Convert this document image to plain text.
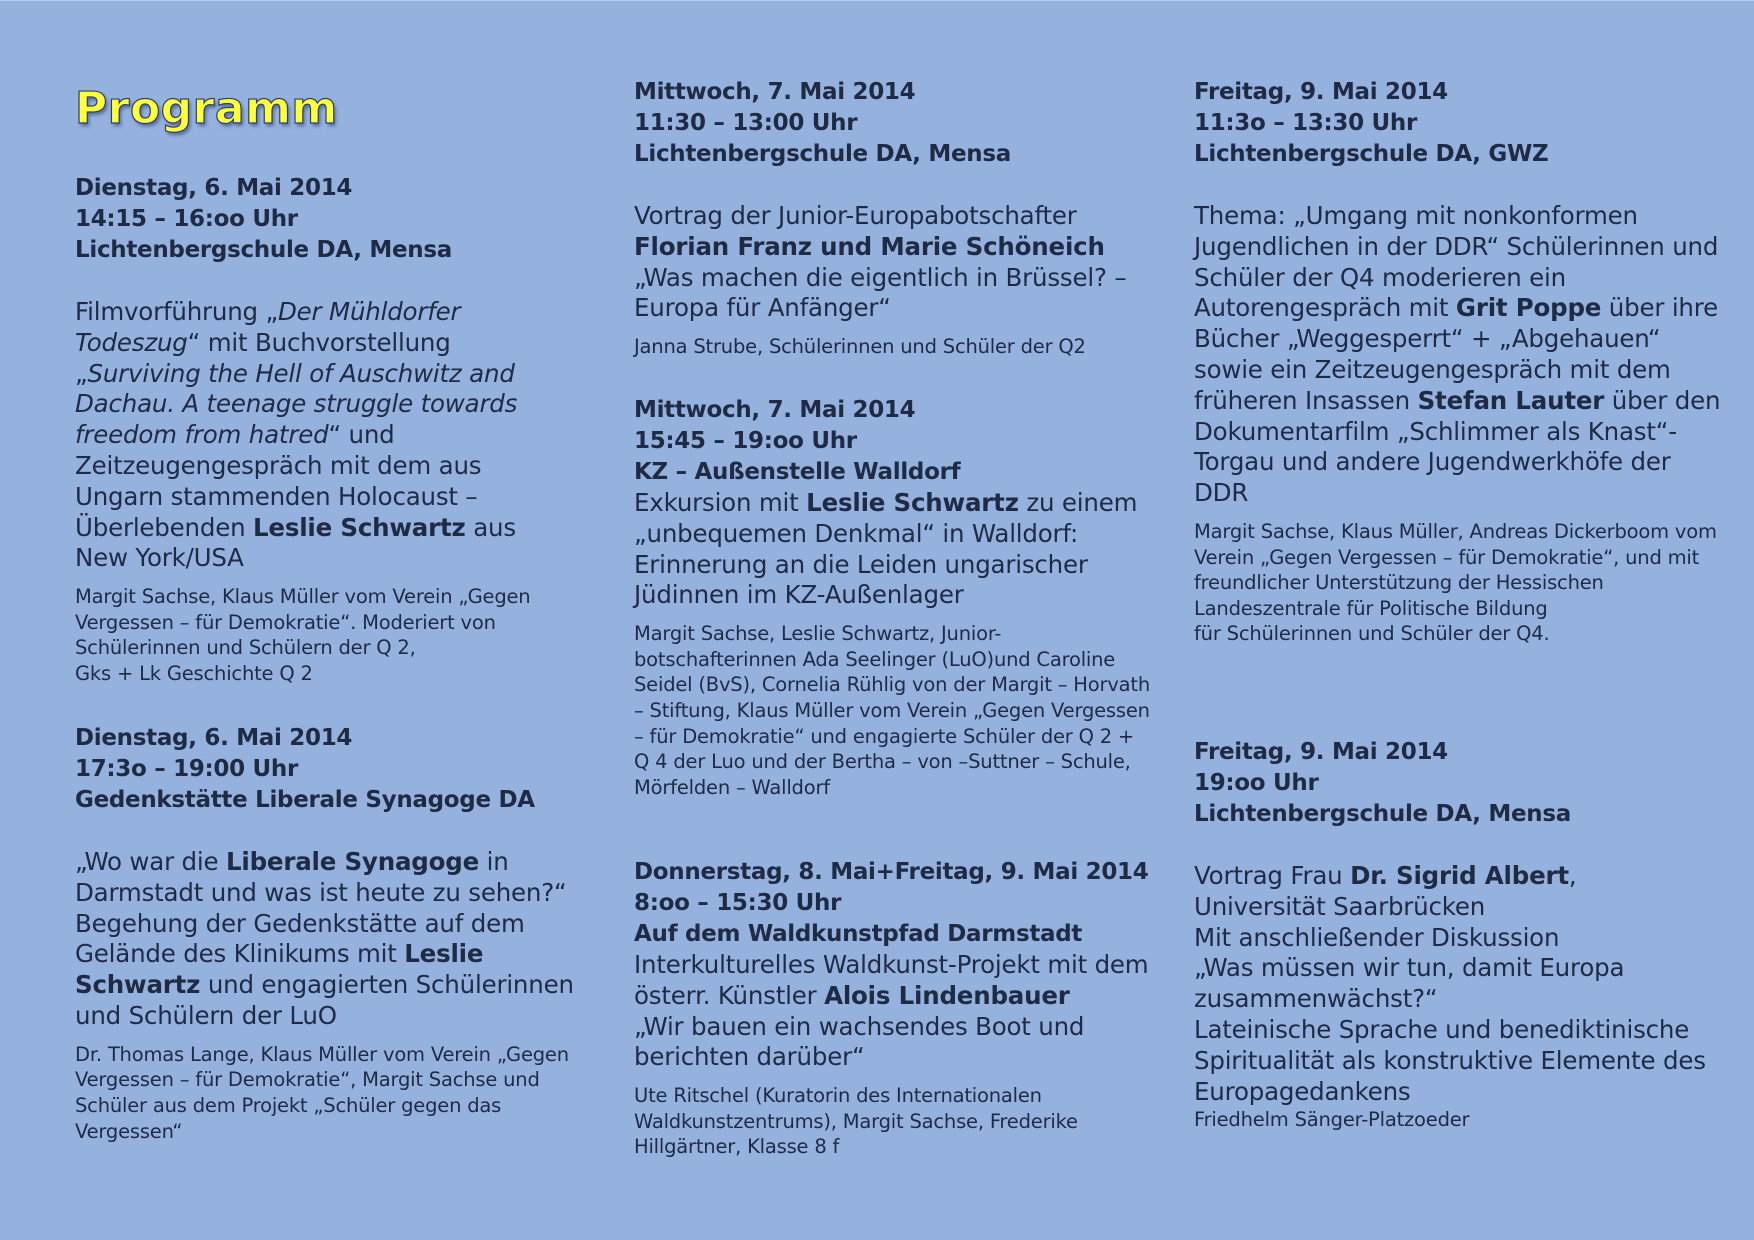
Programm
Dienstag, 6. Mai 2014
14:15 – 16:oo Uhr
Lichtenbergschule DA, Mensa
Filmvorführung „Der Mühldorfer Todeszug“ mit Buchvorstellung „Surviving the Hell of Auschwitz and Dachau. A teenage struggle towards freedom from hatred“ und Zeitzeugengespräch mit dem aus Ungarn stammenden Holocaust – Überlebenden Leslie Schwartz aus New York/USA
Margit Sachse, Klaus Müller vom Verein „Gegen Vergessen – für Demokratie“. Moderiert von Schülerinnen und Schülern der Q 2,
Gks + Lk Geschichte Q 2
Dienstag, 6. Mai 2014
17:3o – 19:00 Uhr
Gedenkstätte Liberale Synagoge DA
„Wo war die Liberale Synagoge in Darmstadt und was ist heute zu sehen?“ Begehung der Gedenkstätte auf dem Gelände des Klinikums mit Leslie Schwartz und engagierten Schülerinnen und Schülern der LuO
Dr. Thomas Lange, Klaus Müller vom Verein „Gegen Vergessen – für Demokratie“, Margit Sachse und Schüler aus dem Projekt „Schüler gegen das Vergessen“
Mittwoch, 7. Mai 2014
11:30 – 13:00 Uhr
Lichtenbergschule DA, Mensa
Vortrag der Junior-Europabotschafter
Florian Franz und Marie Schöneich
„Was machen die eigentlich in Brüssel? – Europa für Anfänger“
Janna Strube, Schülerinnen und Schüler der Q2
Mittwoch, 7. Mai 2014
15:45 – 19:oo Uhr
KZ – Außenstelle Walldorf
Exkursion mit Leslie Schwartz zu einem „unbequemen Denkmal“ in Walldorf: Erinnerung an die Leiden ungarischer Jüdinnen im KZ-Außenlager
Margit Sachse, Leslie Schwartz, Junior-botschafterinnen Ada Seelinger (LuO)und Caroline Seidel (BvS), Cornelia Rühlig von der Margit – Horvath – Stiftung, Klaus Müller vom Verein „Gegen Vergessen – für Demokratie“ und engagierte Schüler der Q 2 + Q 4 der Luo und der Bertha – von –Suttner – Schule, Mörfelden – Walldorf
Donnerstag, 8. Mai+Freitag, 9. Mai 2014
8:oo – 15:30 Uhr
Auf dem Waldkunstpfad Darmstadt
Interkulturelles Waldkunst-Projekt mit dem österr. Künstler Alois Lindenbauer
„Wir bauen ein wachsendes Boot und berichten darüber“
Ute Ritschel (Kuratorin des Internationalen Waldkunstzentrums), Margit Sachse, Frederike Hillgärtner, Klasse 8 f
Freitag, 9. Mai 2014
11:3o – 13:30 Uhr
Lichtenbergschule DA, GWZ
Thema: „Umgang mit nonkonformen Jugendlichen in der DDR“ Schülerinnen und Schüler der Q4 moderieren ein Autorengespräch mit Grit Poppe über ihre Bücher „Weggesperrt“ + „Abgehauen“ sowie ein Zeitzeugengespräch mit dem früheren Insassen Stefan Lauter über den Dokumentarfilm „Schlimmer als Knast“- Torgau und andere Jugendwerkhöfe der DDR
Margit Sachse, Klaus Müller, Andreas Dickerboom vom Verein „Gegen Vergessen – für Demokratie“, und mit freundlicher Unterstützung der Hessischen Landeszentrale für Politische Bildung
für Schülerinnen und Schüler der Q4.
Freitag, 9. Mai 2014
19:oo Uhr
Lichtenbergschule DA, Mensa
Vortrag Frau Dr. Sigrid Albert,
Universität Saarbrücken
Mit anschließender Diskussion
„Was müssen wir tun, damit Europa zusammenwächst?“
Lateinische Sprache und benediktinische Spiritualität als konstruktive Elemente des Europagedankens
Friedhelm Sänger-Platzoeder
